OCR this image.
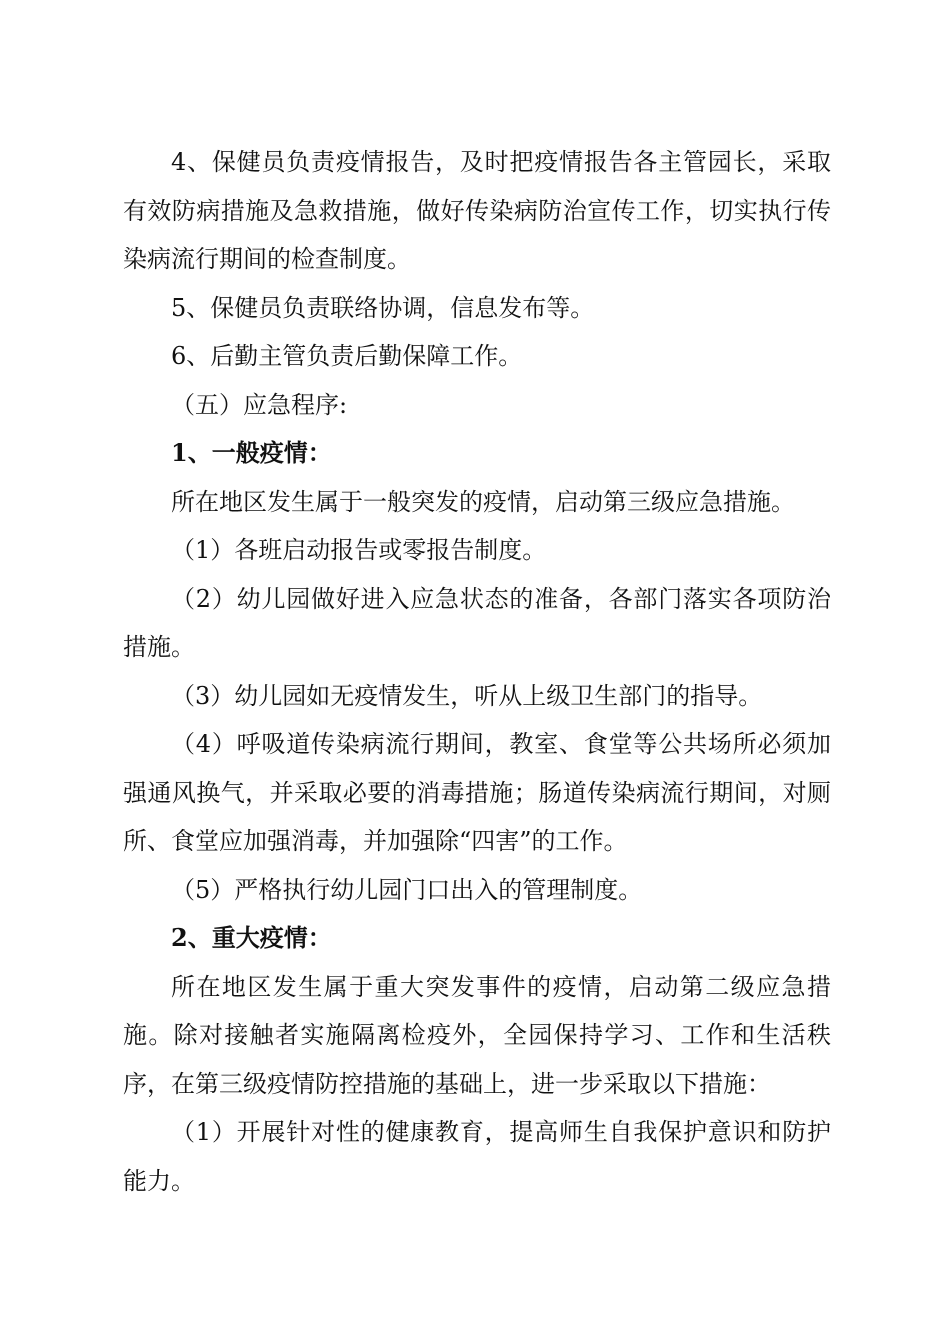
4、保健员负责疫情报告，及时把疫情报告各主管园长，采取有效防病措施及急救措施，做好传染病防治宣传工作，切实执行传染病流行期间的检查制度。

5、保健员负责联络协调，信息发布等。

6、后勤主管负责后勤保障工作。

（五）应急程序:

1、一般疫情：

所在地区发生属于一般突发的疫情，启动第三级应急措施。

（1）各班启动报告或零报告制度。

（2）幼儿园做好进入应急状态的准备，各部门落实各项防治措施。

（3）幼儿园如无疫情发生，听从上级卫生部门的指导。

（4）呼吸道传染病流行期间，教室、食堂等公共场所必须加强通风换气，并采取必要的消毒措施；肠道传染病流行期间，对厕所、食堂应加强消毒，并加强除“四害”的工作。

（5）严格执行幼儿园门口出入的管理制度。

2、重大疫情：

所在地区发生属于重大突发事件的疫情，启动第二级应急措施。除对接触者实施隔离检疫外，全园保持学习、工作和生活秩序，在第三级疫情防控措施的基础上，进一步采取以下措施：

（1）开展针对性的健康教育，提高师生自我保护意识和防护能力。
